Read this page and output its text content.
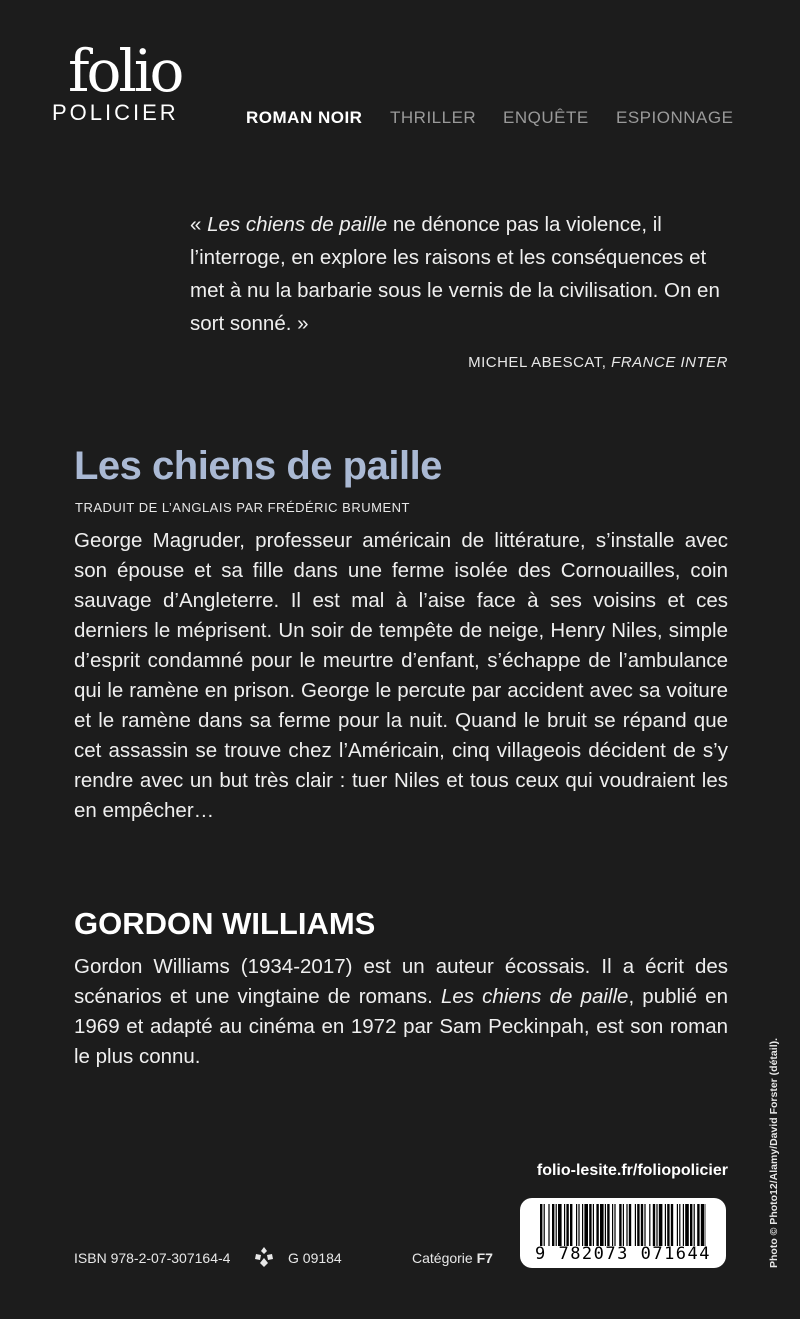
folio
POLICIER	ROMAN NOIR	THRILLER	ENQUÊTE	ESPIONNAGE
« Les chiens de paille ne dénonce pas la violence, il l’interroge, en explore les raisons et les conséquences et met à nu la barbarie sous le vernis de la civilisation. On en sort sonné. »
MICHEL ABESCAT, FRANCE INTER
Les chiens de paille
TRADUIT DE L’ANGLAIS PAR FRÉDÉRIC BRUMENT
George Magruder, professeur américain de littérature, s’installe avec son épouse et sa fille dans une ferme isolée des Cornouailles, coin sauvage d’Angleterre. Il est mal à l’aise face à ses voisins et ces derniers le méprisent. Un soir de tempête de neige, Henry Niles, simple d’esprit condamné pour le meurtre d’enfant, s’échappe de l’ambulance qui le ramène en prison. George le percute par accident avec sa voiture et le ramène dans sa ferme pour la nuit. Quand le bruit se répand que cet assassin se trouve chez l’Américain, cinq villageois décident de s’y rendre avec un but très clair : tuer Niles et tous ceux qui voudraient les en empêcher…
GORDON WILLIAMS
Gordon Williams (1934-2017) est un auteur écossais. Il a écrit des scénarios et une vingtaine de romans. Les chiens de paille, publié en 1969 et adapté au cinéma en 1972 par Sam Peckinpah, est son roman le plus connu.
folio-lesite.fr/foliopolicier
9 782073 071644
ISBN 978-2-07-307164-4	G 09184	Catégorie F7	Photo © Photo12/Alamy/David Forster (détail).
